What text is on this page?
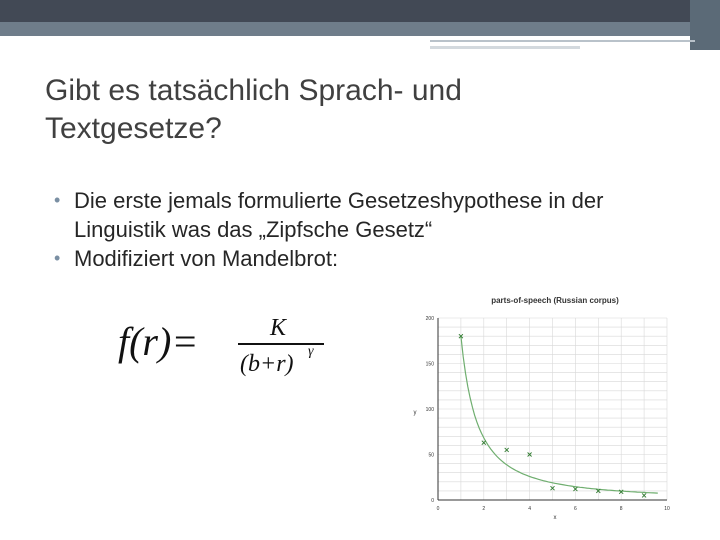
Gibt es tatsächlich Sprach- und Textgesetze?
• Die erste jemals formulierte Gesetzeshypothese in der Linguistik was das „Zipfsche Gesetz“
• Modifiziert von Mandelbrot:
f(r)=	K
(b+r) γ
parts-of-speech (Russian corpus)
0	2	4	6	8	10
0
50
100
150
200
x
y
